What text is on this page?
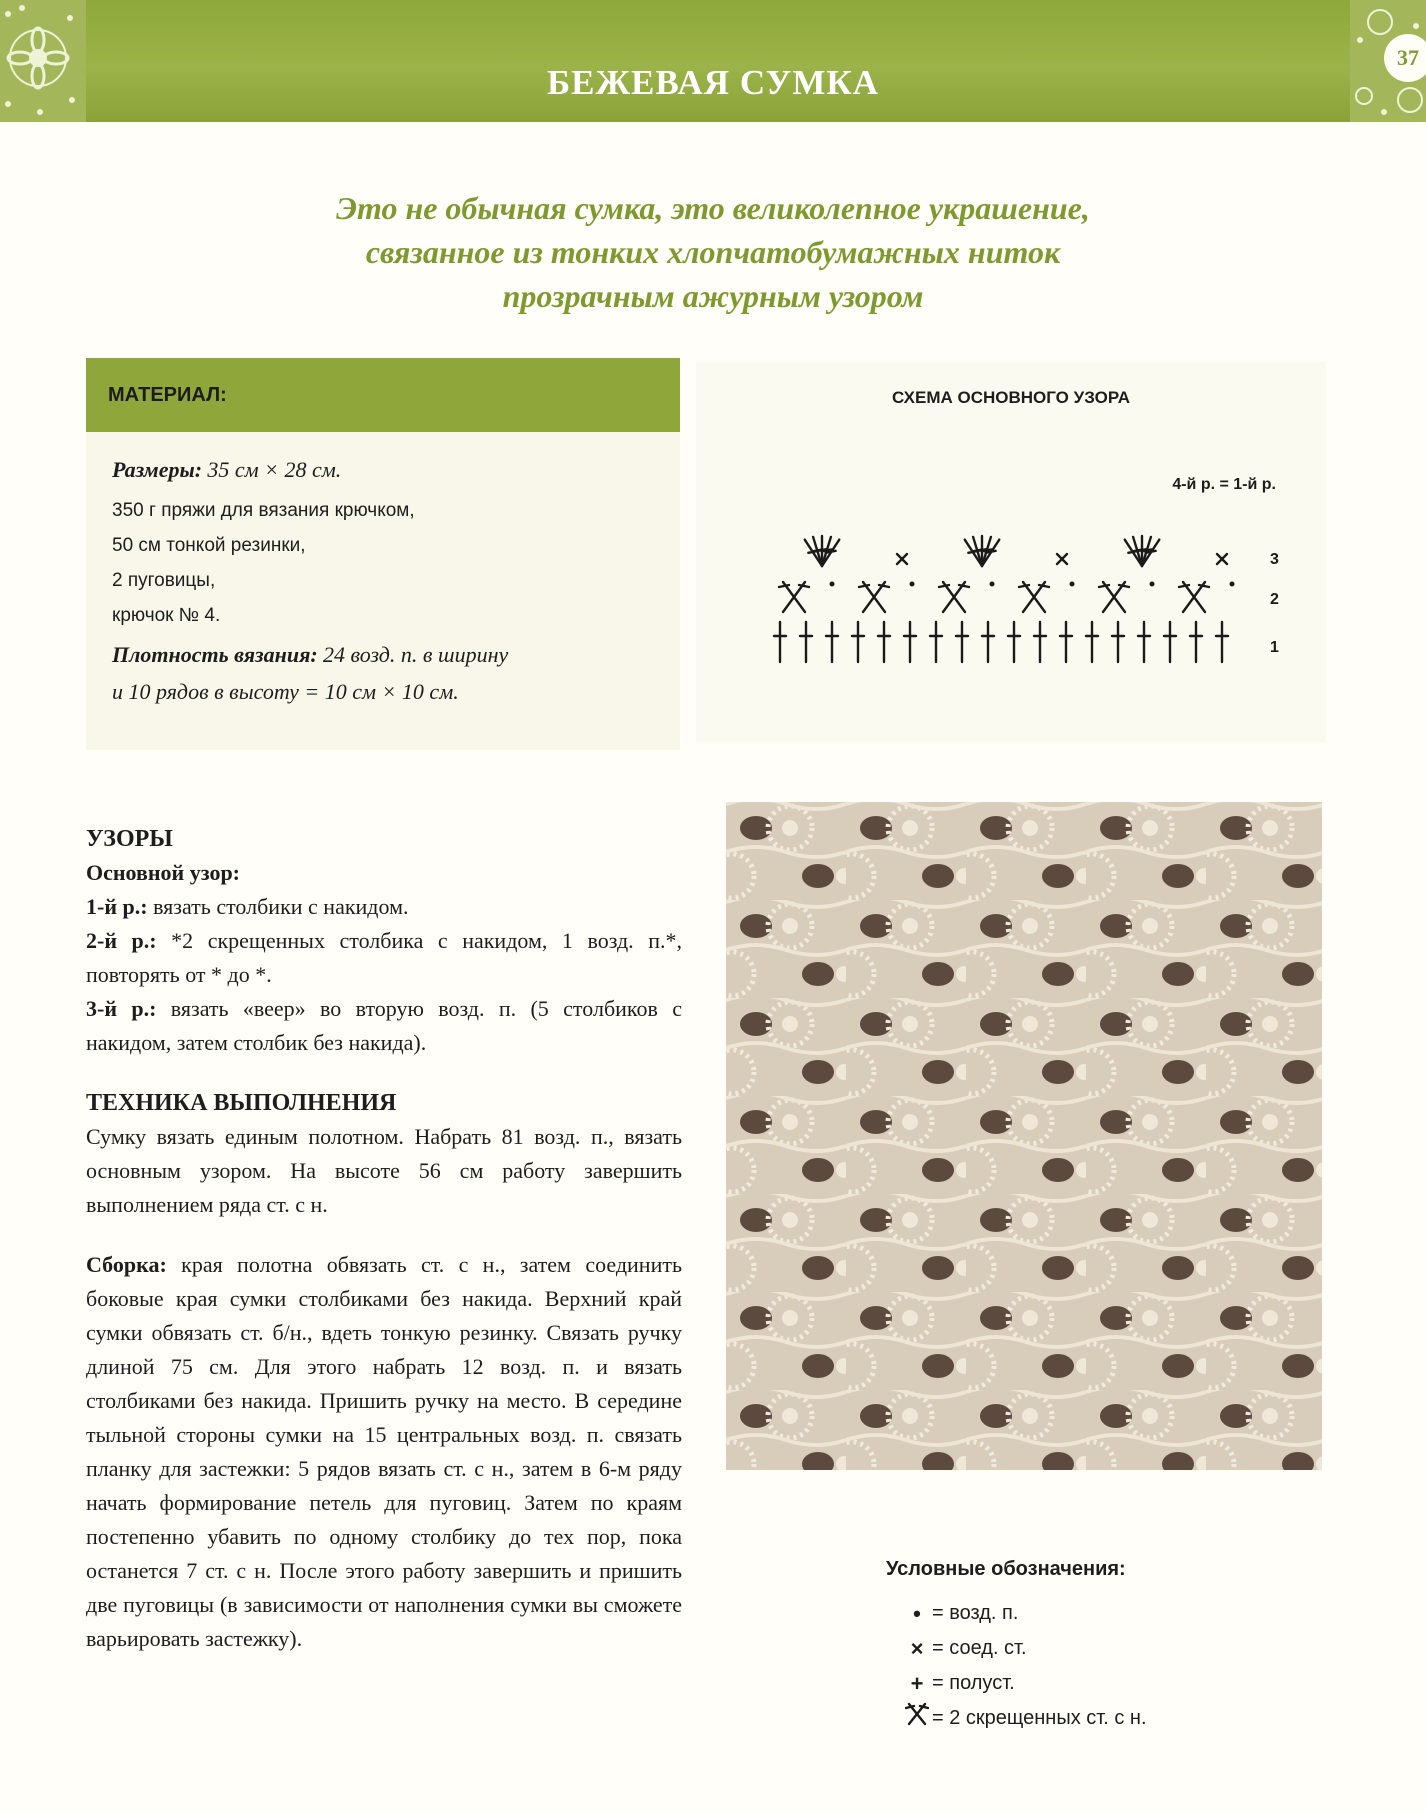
БЕЖЕВАЯ СУМКА
37
Это не обычная сумка, это великолепное украшение,
связанное из тонких хлопчатобумажных ниток
прозрачным ажурным узором
МАТЕРИАЛ:
Размеры: 35 см × 28 см.
350 г пряжи для вязания крючком,
50 см тонкой резинки,
2 пуговицы,
крючок № 4.
Плотность вязания: 24 возд. п. в ширину
и 10 рядов в высоту = 10 см × 10 см.
СХЕМА ОСНОВНОГО УЗОРА
4-й р. = 1-й р.
3
2
1
УЗОРЫ
Основной узор:

1-й р.: вязать столбики с накидом.

2-й р.: *2 скрещенных столбика с накидом, 1 возд. п.*, повторять от * до *.

3-й р.: вязать «веер» во вторую возд. п. (5 столбиков с накидом, затем столбик без накида).

ТЕХНИКА ВЫПОЛНЕНИЯ

Сумку вязать единым полотном. Набрать 81 возд. п., вязать основным узором. На высоте 56 см работу завершить выполнением ряда ст. с н.

Сборка: края полотна обвязать ст. с н., затем соединить боковые края сумки столбиками без накида. Верхний край сумки обвязать ст. б/н., вдеть тонкую резинку. Связать ручку длиной 75 см. Для этого набрать 12 возд. п. и вязать столбиками без накида. Пришить ручку на место. В середине тыльной стороны сумки на 15 центральных возд. п. связать планку для застежки: 5 рядов вязать ст. с н., затем в 6-м ряду начать формирование петель для пуговиц. Затем по краям постепенно убавить по одному столбику до тех пор, пока останется 7 ст. с н. После этого работу завершить и пришить две пуговицы (в зависимости от наполнения сумки вы сможете варьировать застежку).

Условные обозначения:
• = возд. п.
× = соед. ст.
+ = полуст.
= 2 скрещенных ст. с н.
